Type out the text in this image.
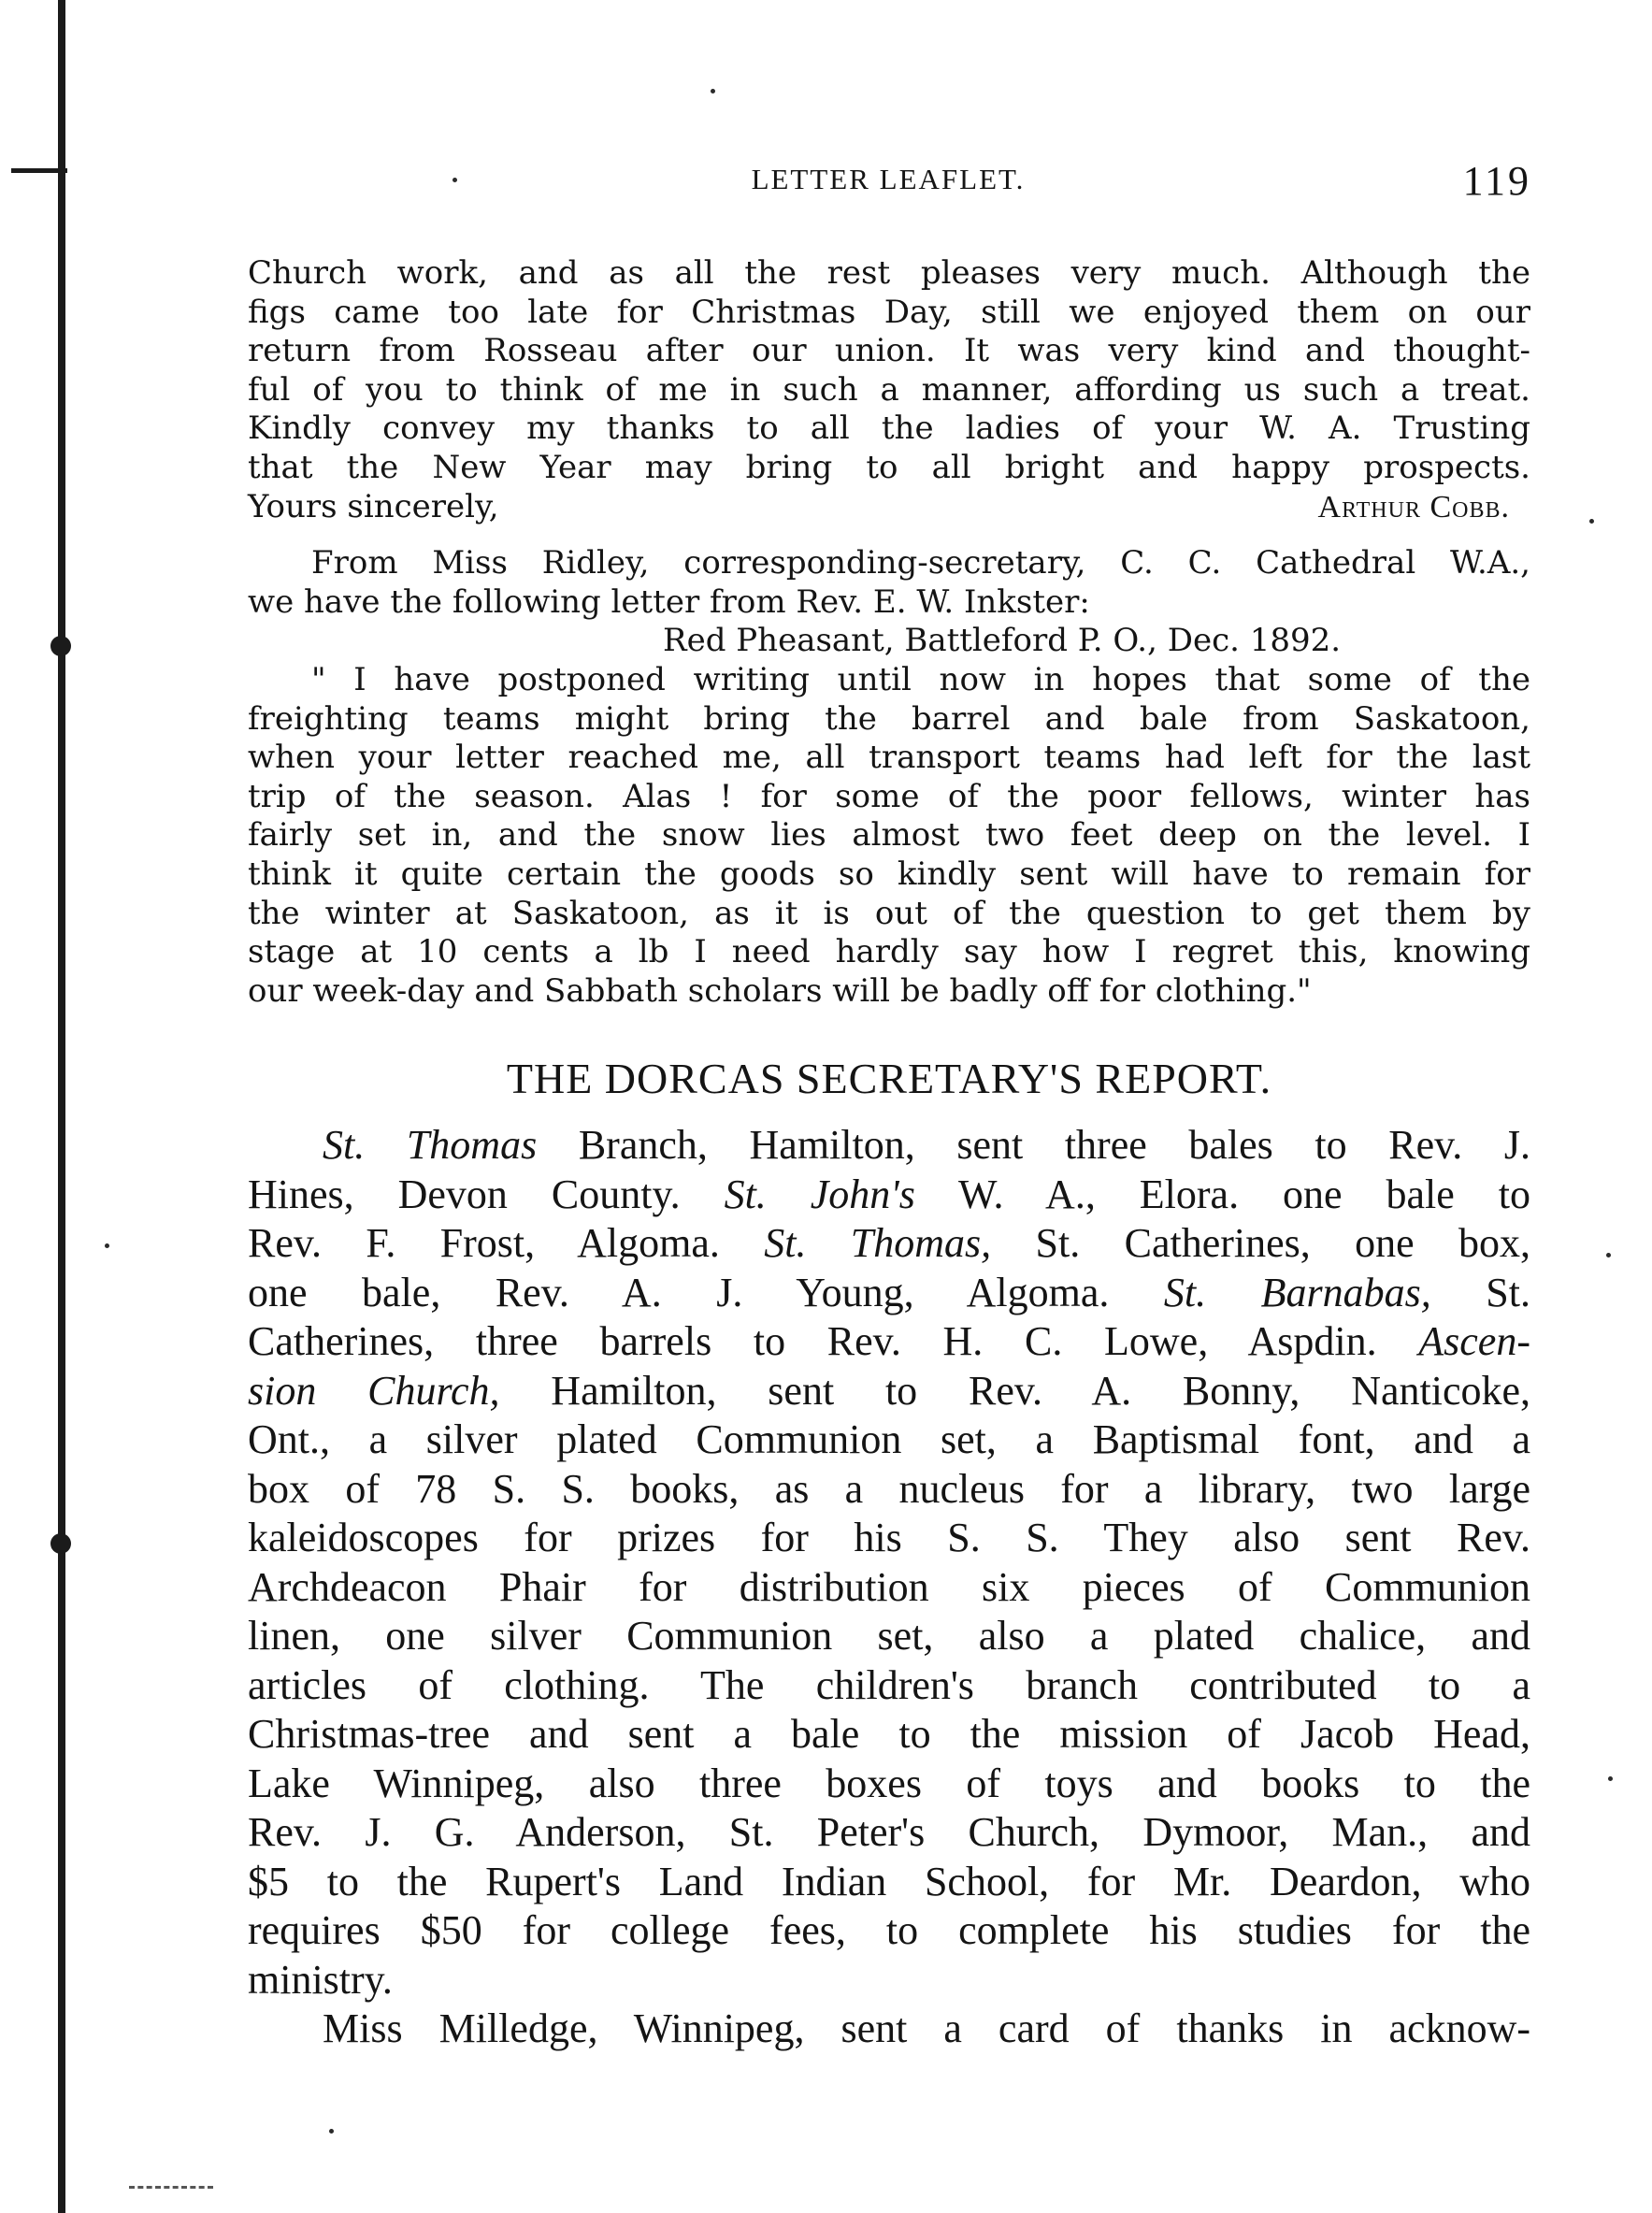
LETTER LEAFLET.	119
Church work, and as all the rest pleases very much. Although the
figs came too late for Christmas Day, still we enjoyed them on our
return from Rosseau after our union. It was very kind and thought-
ful of you to think of me in such a manner, affording us such a treat.
Kindly convey my thanks to all the ladies of your W. A. Trusting
that the New Year may bring to all bright and happy prospects.
Yours sincerely,	Arthur Cobb.
From Miss Ridley, corresponding-secretary, C. C. Cathedral W.A.,
we have the following letter from Rev. E. W. Inkster:
Red Pheasant, Battleford P. O., Dec. 1892.
" I have postponed writing until now in hopes that some of the
freighting teams might bring the barrel and bale from Saskatoon,
when your letter reached me, all transport teams had left for the last
trip of the season. Alas ! for some of the poor fellows, winter has
fairly set in, and the snow lies almost two feet deep on the level. I
think it quite certain the goods so kindly sent will have to remain for
the winter at Saskatoon, as it is out of the question to get them by
stage at 10 cents a lb I need hardly say how I regret this, knowing
our week-day and Sabbath scholars will be badly off for clothing."
THE DORCAS SECRETARY'S REPORT.
St. Thomas Branch, Hamilton, sent three bales to Rev. J.
Hines, Devon County. St. John's W. A., Elora. one bale to
Rev. F. Frost, Algoma. St. Thomas, St. Catherines, one box,
one bale, Rev. A. J. Young, Algoma. St. Barnabas, St.
Catherines, three barrels to Rev. H. C. Lowe, Aspdin. Ascen-
sion Church, Hamilton, sent to Rev. A. Bonny, Nanticoke,
Ont., a silver plated Communion set, a Baptismal font, and a
box of 78 S. S. books, as a nucleus for a library, two large
kaleidoscopes for prizes for his S. S. They also sent Rev.
Archdeacon Phair for distribution six pieces of Communion
linen, one silver Communion set, also a plated chalice, and
articles of clothing. The children's branch contributed to a
Christmas-tree and sent a bale to the mission of Jacob Head,
Lake Winnipeg, also three boxes of toys and books to the
Rev. J. G. Anderson, St. Peter's Church, Dymoor, Man., and
$5 to the Rupert's Land Indian School, for Mr. Deardon, who
requires $50 for college fees, to complete his studies for the
ministry.
Miss Milledge, Winnipeg, sent a card of thanks in acknow-
